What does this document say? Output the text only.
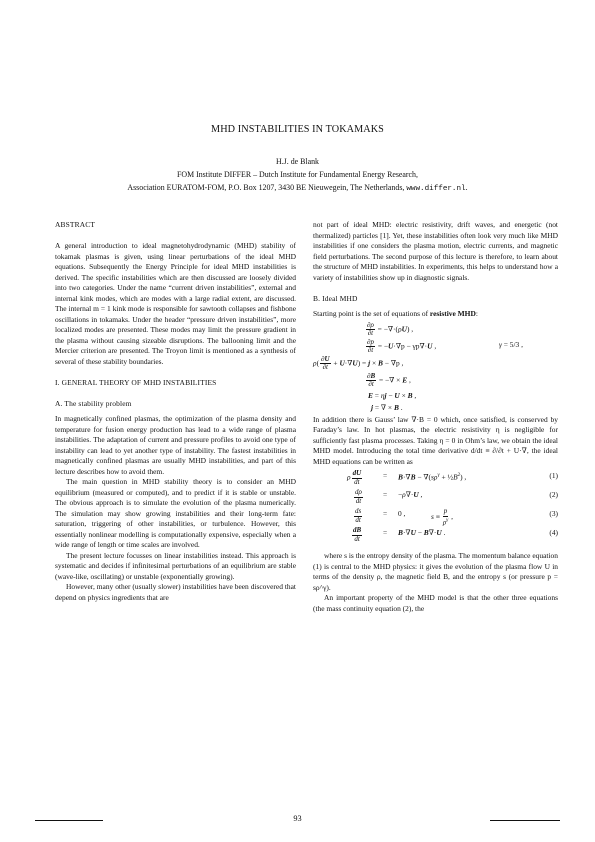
MHD INSTABILITIES IN TOKAMAKS
H.J. de Blank
FOM Institute DIFFER – Dutch Institute for Fundamental Energy Research,
Association EURATOM-FOM, P.O. Box 1207, 3430 BE Nieuwegein, The Netherlands, www.differ.nl.
ABSTRACT

A general introduction to ideal magnetohydrodynamic (MHD) stability of tokamak plasmas is given, using linear perturbations of the ideal MHD equations. Subsequently the Energy Principle for ideal MHD instabilities is derived. The specific instabilities which are then discussed are loosely divided into two categories. Under the name “current driven instabilities”, external and internal kink modes, which are modes with a large radial extent, are discussed. The internal m = 1 kink mode is responsible for sawtooth collapses and fishbone oscillations in tokamaks. Under the header “pressure driven instabilities”, more localized modes are presented. These modes may limit the pressure gradient in the plasma without causing sizeable disruptions. The ballooning limit and the Mercier criterion are presented. The Troyon limit is mentioned as a synthesis of several of these stability boundaries.

I. GENERAL THEORY OF MHD INSTABILITIES
A. The stability problem

In magnetically confined plasmas, the optimization of the plasma density and temperature for fusion energy production has lead to a wide range of plasma instabilities. The adaptation of current and pressure profiles to avoid one type of instability can lead to yet another type of instability. The fastest instabilities in magnetically confined plasmas are usually MHD instabilities, and part of this lecture describes how to avoid them.

The main question in MHD stability theory is to consider an MHD equilibrium (measured or computed), and to predict if it is stable or unstable. The obvious approach is to simulate the evolution of the plasma numerically. The simulation may show growing instabilities and their long-term fate: saturation, triggering of other instabilities, or turbulence. However, this essentially nonlinear modelling is computationally expensive, especially when a wide range of length or time scales are involved.

The present lecture focusses on linear instabilities instead. This approach is systematic and decides if infinitesimal perturbations of an equilibrium are stable (wave-like, oscillating) or unstable (exponentially growing).

However, many other (usually slower) instabilities have been discovered that depend on physics ingredients that are

not part of ideal MHD: electric resistivity, drift waves, and energetic (not thermalized) particles [1]. Yet, these instabilities often look very much like MHD instabilities if one considers the plasma motion, electric currents, and magnetic field perturbations. The second purpose of this lecture is therefore, to learn about the structure of MHD instabilities. In experiments, this helps to understand how a variety of instabilities show up in diagnostic signals.

B. Ideal MHD

Starting point is the set of equations of resistive MHD:

$\frac{\partial\rho}{\partial t} = -\nabla\cdot(\rho U)$ ,
$\frac{\partial p}{\partial t} = -U\cdot\nabla p - \gamma p\nabla\cdot U$ ,	γ = 5/3 ,
$\rho( \frac{\partial U}{\partial t} + U\cdot\nabla U) = j \times B - \nabla p$ ,
$\frac{\partial B}{\partial t}$ = −∇ × E ,
E = ηj − U × B ,
j = ∇ × B .

In addition there is Gauss’ law ∇·B = 0 which, once satisfied, is conserved by Faraday’s law. In hot plasmas, the electric resistivity η is negligible for sufficiently fast plasma processes. Taking η = 0 in Ohm’s law, we obtain the ideal MHD model. Introducing the total time derivative d/dt ≡ ∂/∂t + U·∇, the ideal MHD equations can be written as

ρ $\frac{dU}{dt}$	= $B\cdot\nabla B - \nabla(s\rho^\gamma$ + $\frac{1}{2}B^2$) ,	(1)
$\frac{d\rho}{dt}$	= −ρ∇·U ,	(2)
$\frac{ds}{dt}$	= 0 ,	$s \equiv \frac{p}{\rho^\gamma}$ ,	(3)
$\frac{dB}{dt}$	= B·∇U − B∇·U .	(4)

where s is the entropy density of the plasma. The momentum balance equation (1) is central to the MHD physics: it gives the evolution of the plasma flow U in terms of the density ρ, the magnetic field B, and the entropy s (or pressure p = sρ^γ).

An important property of the MHD model is that the other three equations (the mass continuity equation (2), the

93
